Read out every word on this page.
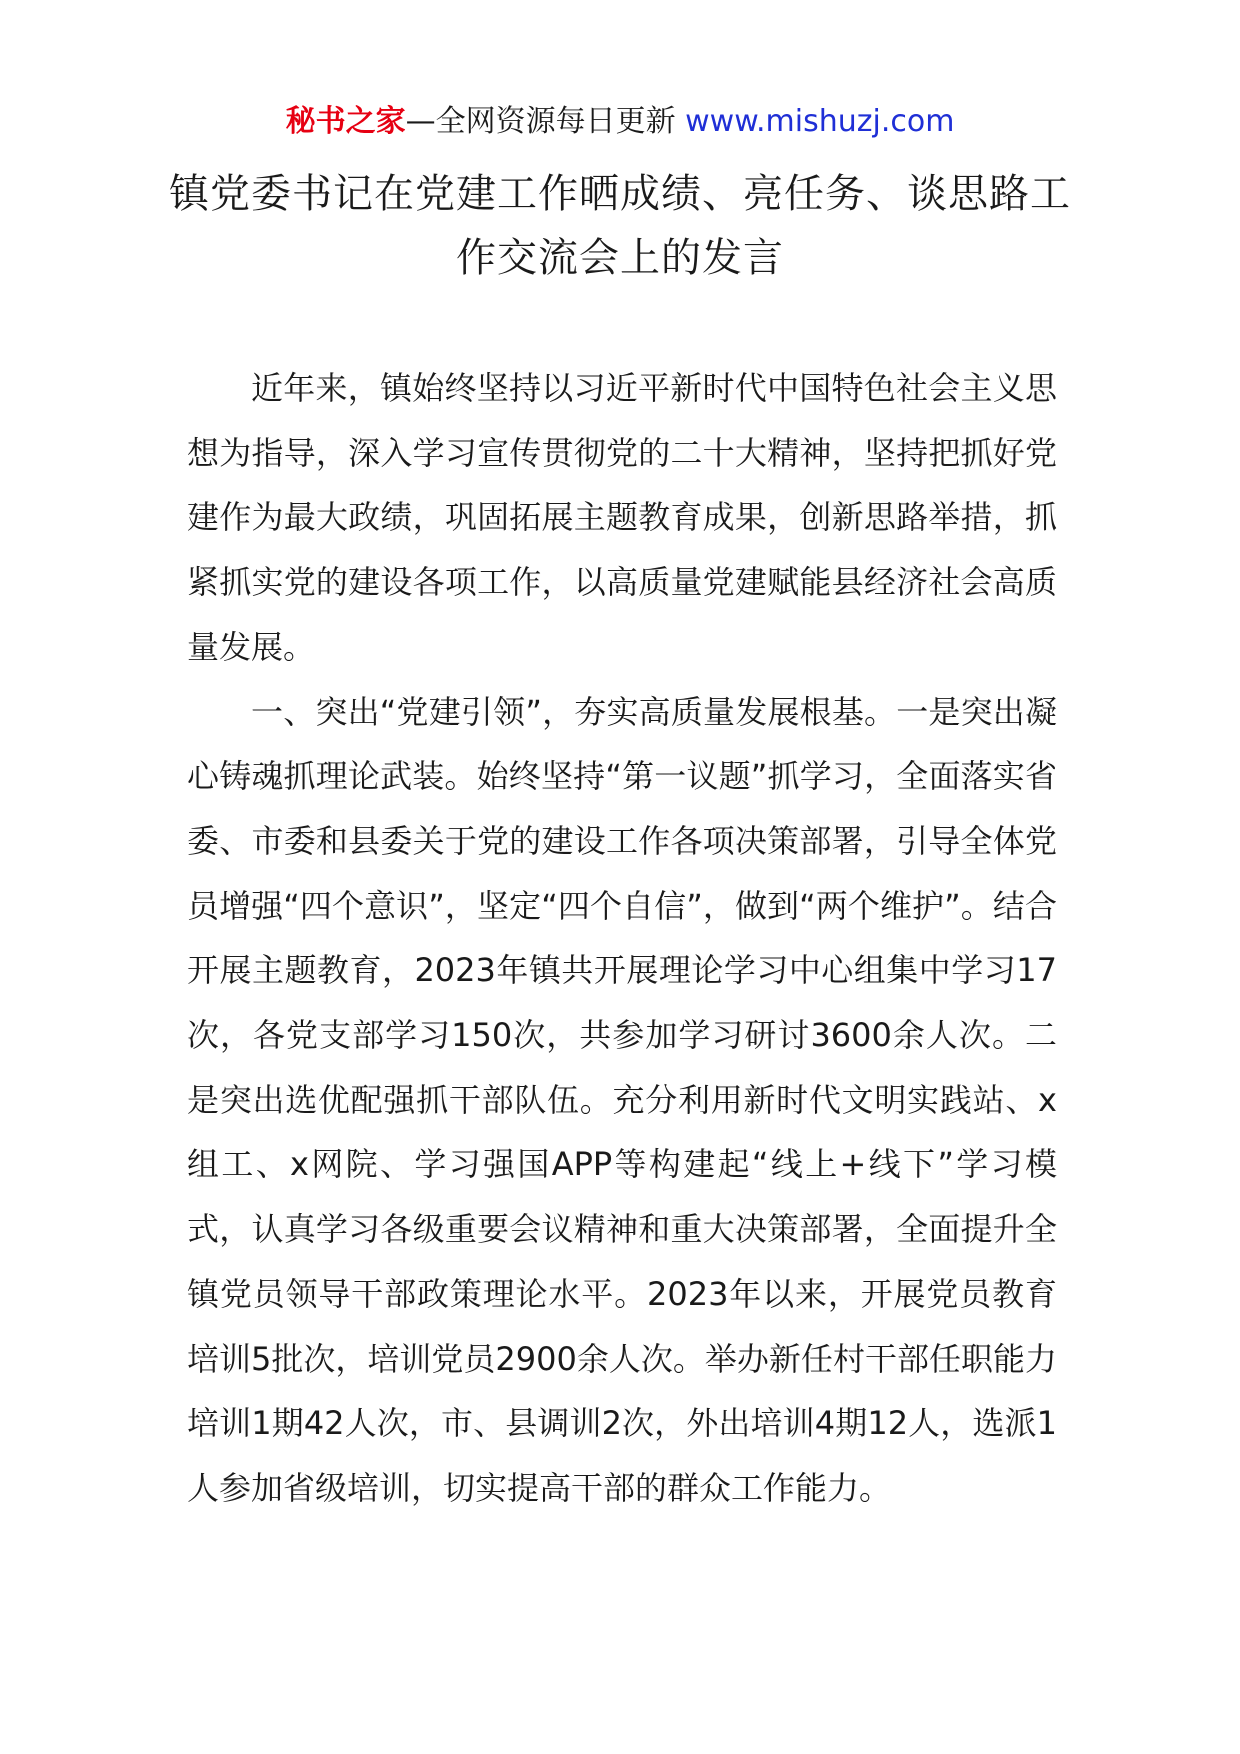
秘书之家—全网资源每日更新 www.mishuzj.com
镇党委书记在党建工作晒成绩、亮任务、谈思路工作交流会上的发言

近年来，镇始终坚持以习近平新时代中国特色社会主义思想为指导，深入学习宣传贯彻党的二十大精神，坚持把抓好党建作为最大政绩，巩固拓展主题教育成果，创新思路举措，抓紧抓实党的建设各项工作，以高质量党建赋能县经济社会高质量发展。

一、突出“党建引领”，夯实高质量发展根基。一是突出凝心铸魂抓理论武装。始终坚持“第一议题”抓学习，全面落实省委、市委和县委关于党的建设工作各项决策部署，引导全体党员增强“四个意识”，坚定“四个自信”，做到“两个维护”。结合开展主题教育，2023年镇共开展理论学习中心组集中学习17次，各党支部学习150次，共参加学习研讨3600余人次。二是突出选优配强抓干部队伍。充分利用新时代文明实践站、x组工、x网院、学习强国APP等构建起“线上+线下”学习模式，认真学习各级重要会议精神和重大决策部署，全面提升全镇党员领导干部政策理论水平。2023年以来，开展党员教育培训5批次，培训党员2900余人次。举办新任村干部任职能力培训1期42人次，市、县调训2次，外出培训4期12人，选派1人参加省级培训，切实提高干部的群众工作能力。
